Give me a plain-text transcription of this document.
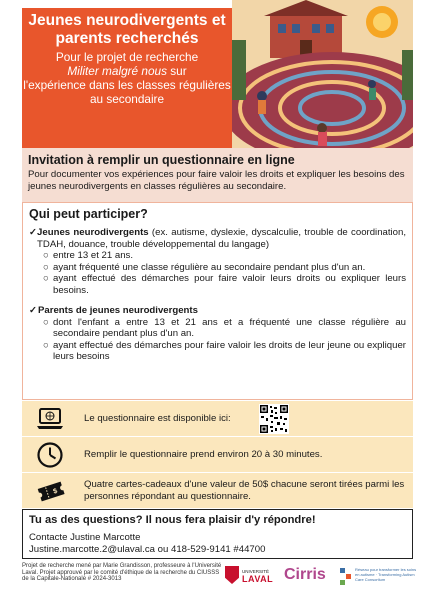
Jeunes neurodivergents et parents recherchés
Pour le projet de recherche
Militer malgré nous sur
l'expérience dans les classes régulières au secondaire
Invitation à remplir un questionnaire en ligne
Pour documenter vos expériences pour faire valoir les droits et expliquer les besoins des jeunes neurodivergents en classes régulières au secondaire.
Qui peut participer?
✓ Jeunes neurodivergents (ex. autisme, dyslexie, dyscalculie, trouble de coordination, TDAH, douance, trouble développemental du langage)
○ entre 13 et 21 ans.
○ ayant fréquenté une classe régulière au secondaire pendant plus d'un an.
○ ayant effectué des démarches pour faire valoir leurs droits ou expliquer leurs besoins.
✓ Parents de jeunes neurodivergents
○ dont l'enfant a entre 13 et 21 ans et a fréquenté une classe régulière au secondaire pendant plus d'un an.
○ ayant effectué des démarches pour faire valoir les droits de leur jeune ou expliquer leurs besoins
Le questionnaire est disponible ici:
Remplir le questionnaire prend environ 20 à 30 minutes.
$
Quatre cartes-cadeaux d'une valeur de 50$ chacune seront tirées parmi les personnes répondant au questionnaire.
Tu as des questions? Il nous fera plaisir d'y répondre!
Contacte Justine Marcotte
Justine.marcotte.2@ulaval.ca ou 418-529-9141 #44700
Projet de recherche mené par Marie Grandisson, professeure à l'Université Laval. Projet approuvé par le comité d'éthique de la recherche du CIUSSS de la Capitale-Nationale # 2024-3013
UNIVERSITÉ
LAVAL Cirris	Réseau pour transformer les soins en autisme · Transforming Autism Care Consortium
